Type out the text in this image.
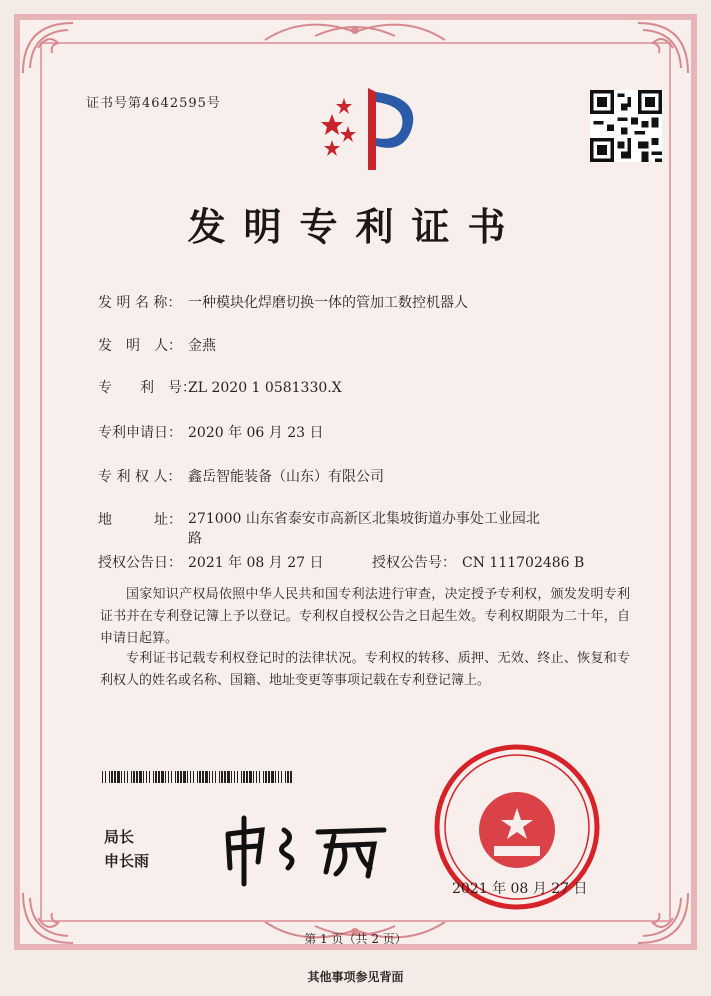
证书号第4642595号
发明专利证书
发 明 名 称： 一种模块化焊磨切换一体的管加工数控机器人
发　明　人： 金燕
专　　利　号：ZL 2020 1 0581330.X
专利申请日： 2020 年 06 月 23 日
专 利 权 人： 鑫岳智能装备（山东）有限公司
地　　　址： 271000 山东省泰安市高新区北集坡街道办事处工业园北路
授权公告日： 2021 年 08 月 27 日	授权公告号： CN 111702486 B
国家知识产权局依照中华人民共和国专利法进行审查，决定授予专利权，颁发发明专利证书并在专利登记簿上予以登记。专利权自授权公告之日起生效。专利权期限为二十年，自申请日起算。
专利证书记载专利权登记时的法律状况。专利权的转移、质押、无效、终止、恢复和专利权人的姓名或名称、国籍、地址变更等事项记载在专利登记簿上。
局长
申长雨
2021 年 08 月 27 日
第 1 页（共 2 页）
其他事项参见背面
